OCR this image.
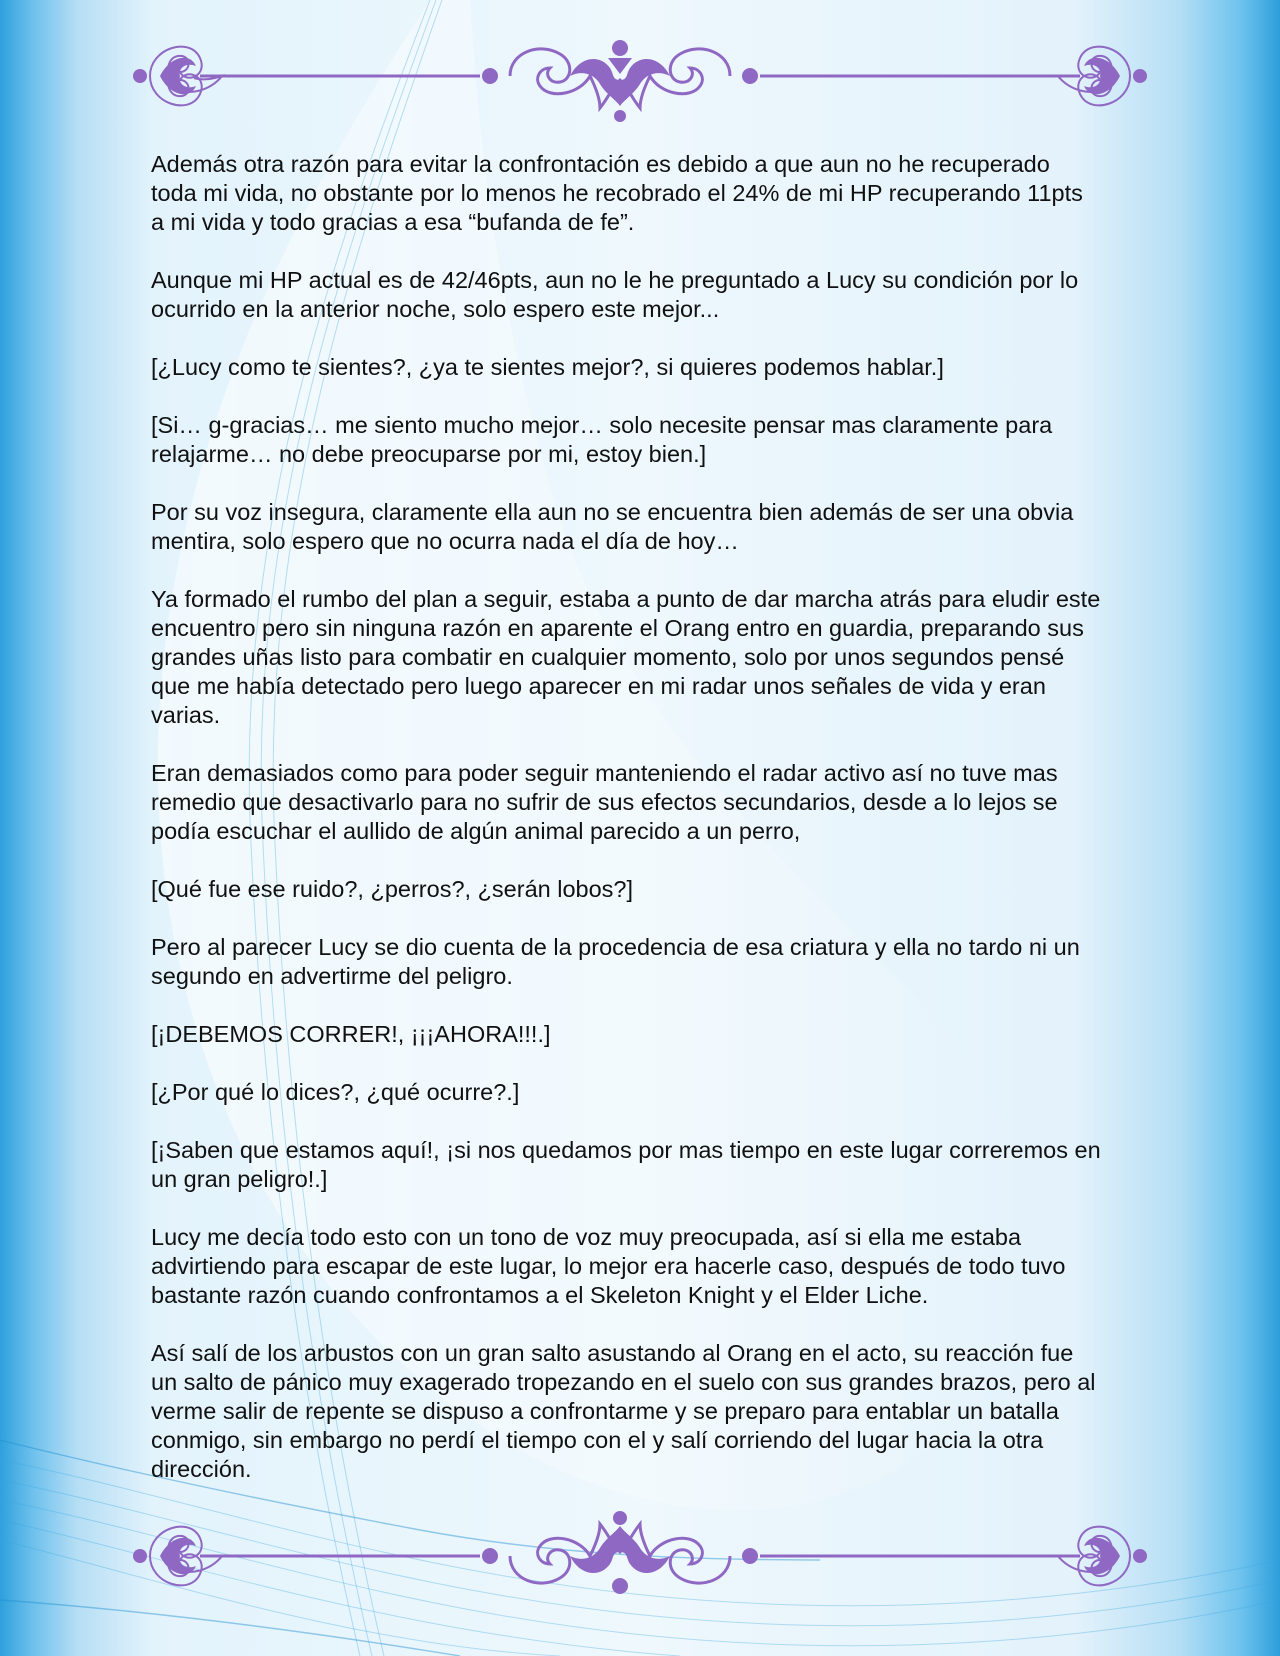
Además otra razón para evitar la confrontación es debido a que aun no he recuperado toda mi vida, no obstante por lo menos he recobrado el 24% de mi HP recuperando 11pts a mi vida y todo gracias a esa “bufanda de fe”.

Aunque mi HP actual es de 42/46pts, aun no le he preguntado a Lucy su condición por lo ocurrido en la anterior noche, solo espero este mejor...

[¿Lucy como te sientes?, ¿ya te sientes mejor?, si quieres podemos hablar.]

[Si… g-gracias… me siento mucho mejor… solo necesite pensar mas claramente para relajarme… no debe preocuparse por mi, estoy bien.]

Por su voz insegura, claramente ella aun no se encuentra bien además de ser una obvia mentira, solo espero que no ocurra nada el día de hoy…

Ya formado el rumbo del plan a seguir, estaba a punto de dar marcha atrás para eludir este encuentro pero sin ninguna razón en aparente el Orang entro en guardia, preparando sus grandes uñas listo para combatir en cualquier momento, solo por unos segundos pensé que me había detectado pero luego aparecer en mi radar unos señales de vida y eran varias.

Eran demasiados como para poder seguir manteniendo el radar activo así no tuve mas remedio que desactivarlo para no sufrir de sus efectos secundarios, desde a lo lejos se podía escuchar el aullido de algún animal parecido a un perro,

[Qué fue ese ruido?, ¿perros?, ¿serán lobos?]

Pero al parecer Lucy se dio cuenta de la procedencia de esa criatura y ella no tardo ni un segundo en advertirme del peligro.

[¡DEBEMOS CORRER!, ¡¡¡AHORA!!!.]

[¿Por qué lo dices?, ¿qué ocurre?.]

[¡Saben que estamos aquí!, ¡si nos quedamos por mas tiempo en este lugar correremos en un gran peligro!.]

Lucy me decía todo esto con un tono de voz muy preocupada, así si ella me estaba advirtiendo para escapar de este lugar, lo mejor era hacerle caso, después de todo tuvo bastante razón cuando confrontamos a el Skeleton Knight y el Elder Liche.

Así salí de los arbustos con un gran salto asustando al Orang en el acto, su reacción fue un salto de pánico muy exagerado tropezando en el suelo con sus grandes brazos, pero al verme salir de repente se dispuso a confrontarme y se preparo para entablar un batalla conmigo, sin embargo no perdí el tiempo con el y salí corriendo del lugar hacia la otra dirección.
